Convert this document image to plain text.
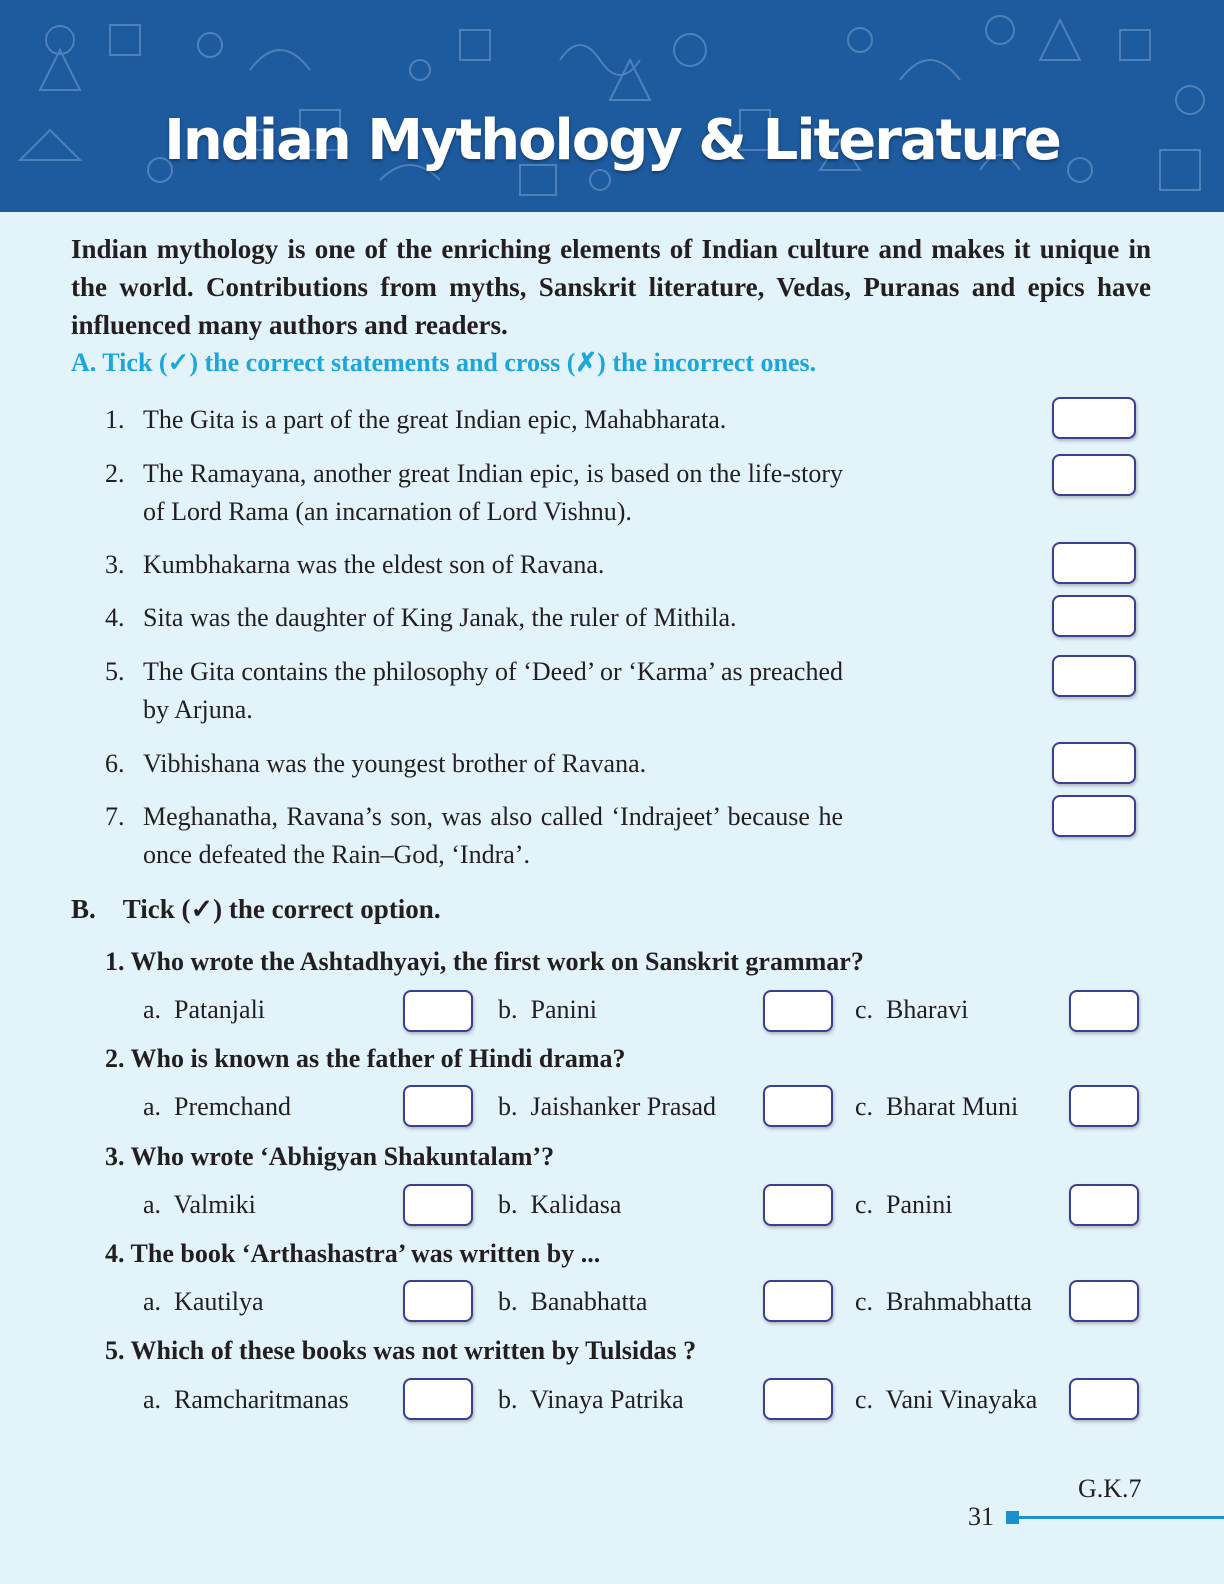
Indian Mythology & Literature
Indian mythology is one of the enriching elements of Indian culture and makes it unique in the world. Contributions from myths, Sanskrit literature, Vedas, Puranas and epics have influenced many authors and readers.
A. Tick (✓) the correct statements and cross (✗) the incorrect ones.
1. The Gita is a part of the great Indian epic, Mahabharata.
2. The Ramayana, another great Indian epic, is based on the life-story of Lord Rama (an incarnation of Lord Vishnu).
3. Kumbhakarna was the eldest son of Ravana.
4. Sita was the daughter of King Janak, the ruler of Mithila.
5. The Gita contains the philosophy of ‘Deed’ or ‘Karma’ as preached by Arjuna.
6. Vibhishana was the youngest brother of Ravana.
7. Meghanatha, Ravana’s son, was also called ‘Indrajeet’ because he once defeated the Rain–God, ‘Indra’.
B. Tick (✓) the correct option.
1. Who wrote the Ashtadhyayi, the first work on Sanskrit grammar?
a. Patanjali	b. Panini	c. Bharavi
2. Who is known as the father of Hindi drama?
a. Premchand	b. Jaishanker Prasad	c. Bharat Muni
3. Who wrote ‘Abhigyan Shakuntalam’?
a. Valmiki	b. Kalidasa	c. Panini
4. The book ‘Arthashastra’ was written by ...
a. Kautilya	b. Banabhatta	c. Brahmabhatta
5. Which of these books was not written by Tulsidas ?
a. Ramcharitmanas	b. Vinaya Patrika	c. Vani Vinayaka
G.K.7
31
